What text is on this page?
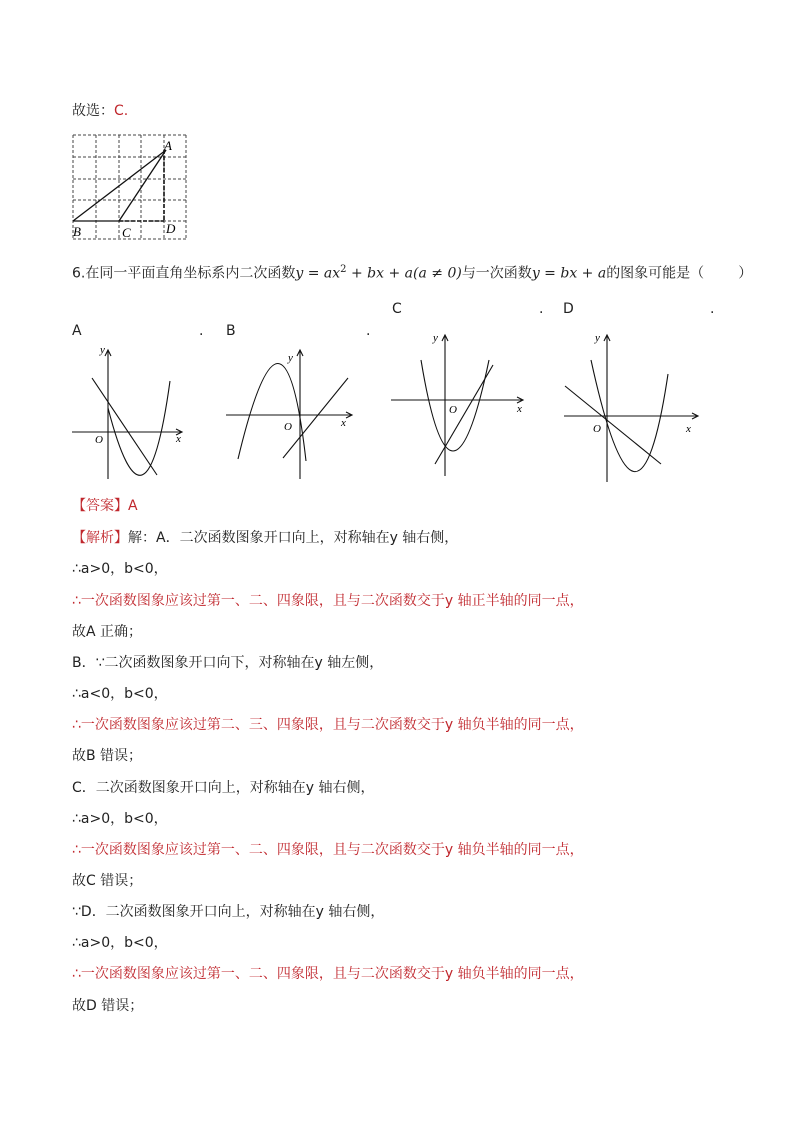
故选：C.
A
B	C	D
6.在同一平面直角坐标系内二次函数$y = ax^2$ + bx + a(a ≠ 0)与一次函数y = bx + a的图象可能是（ ）
A	. B	.
C	. D	.
y
x
O
y
x
O
y
x
O
y
x
O
【答案】A
【解析】解：A．二次函数图象开口向上，对称轴在y 轴右侧，
∴a>0，b<0，
∴一次函数图象应该过第一、二、四象限，且与二次函数交于y 轴正半轴的同一点，
故A 正确；
B．∵二次函数图象开口向下，对称轴在y 轴左侧，
∴a<0，b<0，
∴一次函数图象应该过第二、三、四象限，且与二次函数交于y 轴负半轴的同一点，
故B 错误；
C．二次函数图象开口向上，对称轴在y 轴右侧，
∴a>0，b<0，
∴一次函数图象应该过第一、二、四象限，且与二次函数交于y 轴负半轴的同一点，
故C 错误；
∵D．二次函数图象开口向上，对称轴在y 轴右侧，
∴a>0，b<0，
∴一次函数图象应该过第一、二、四象限，且与二次函数交于y 轴负半轴的同一点，
故D 错误；
